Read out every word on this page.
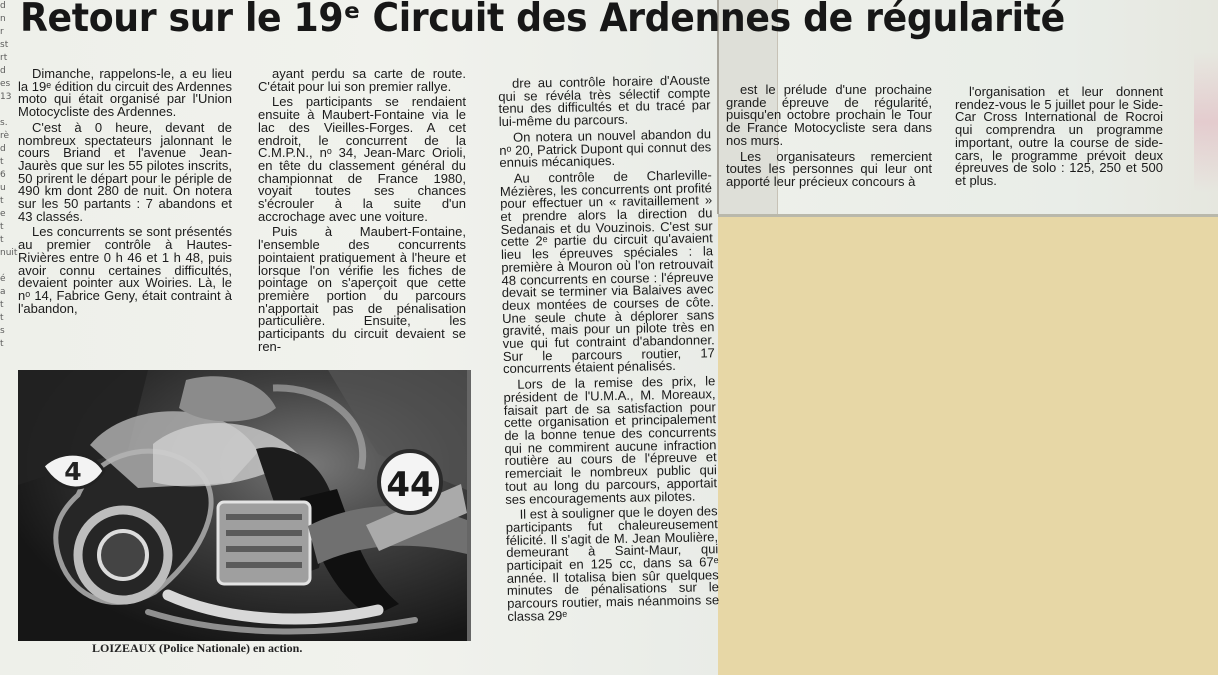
d
n
r
st
rt
d
es
13

s.
rè
d
t
6
u
t
e
t
t
nuit

é
a
t
t
s
t
Retour sur le 19ᵉ Circuit des Ardennes de régularité

Dimanche, rappelons-le, a eu lieu la 19ᵉ édition du circuit des Ardennes moto qui était organisé par l'Union Motocycliste des Ardennes.

C'est à 0 heure, devant de nombreux spectateurs jalonnant le cours Briand et l'avenue Jean-Jaurès que sur les 55 pilotes inscrits, 50 prirent le départ pour le périple de 490 km dont 280 de nuit. On notera sur les 50 partants : 7 abandons et 43 classés.

Les concurrents se sont présentés au premier contrôle à Hautes-Rivières entre 0 h 46 et 1 h 48, puis avoir connu certaines difficultés, devaient pointer aux Woiries. Là, le nᵒ 14, Fabrice Geny, était contraint à l'abandon,

ayant perdu sa carte de route. C'était pour lui son premier rallye.

Les participants se rendaient ensuite à Maubert-Fontaine via le lac des Vieilles-Forges. A cet endroit, le concurrent de la C.M.P.N., nᵒ 34, Jean-Marc Orioli, en tête du classement général du championnat de France 1980, voyait toutes ses chances s'écrouler à la suite d'un accrochage avec une voiture.

Puis à Maubert-Fontaine, l'ensemble des concurrents pointaient pratiquement à l'heure et lorsque l'on vérifie les fiches de pointage on s'aperçoit que cette première portion du parcours n'apportait pas de pénalisation particulière. Ensuite, les participants du circuit devaient se ren-

44
4
LOIZEAUX (Police Nationale) en action.

dre au contrôle horaire d'Aouste qui se révéla très sélectif compte tenu des difficultés et du tracé par lui-même du parcours.

On notera un nouvel abandon du nᵒ 20, Patrick Dupont qui connut des ennuis mécaniques.

Au contrôle de Charleville-Mézières, les concurrents ont profité pour effectuer un « ravitaillement » et prendre alors la direction du Sedanais et du Vouzinois. C'est sur cette 2ᵉ partie du circuit qu'avaient lieu les épreuves spéciales : la première à Mouron où l'on retrouvait 48 concurrents en course : l'épreuve devait se terminer via Balaives avec deux montées de courses de côte. Une seule chute à déplorer sans gravité, mais pour un pilote très en vue qui fut contraint d'abandonner. Sur le parcours routier, 17 concurrents étaient pénalisés.

Lors de la remise des prix, le président de l'U.M.A., M. Moreaux, faisait part de sa satisfaction pour cette organisation et principalement de la bonne tenue des concurrents qui ne commirent aucune infraction routière au cours de l'épreuve et remerciait le nombreux public qui tout au long du parcours, apportait ses encouragements aux pilotes.

Il est à souligner que le doyen des participants fut chaleureusement félicité. Il s'agit de M. Jean Moulière, demeurant à Saint-Maur, qui participait en 125 cc, dans sa 67ᵉ année. Il totalisa bien sûr quelques minutes de pénalisations sur le parcours routier, mais néanmoins se classa 29ᵉ

est le prélude d'une prochaine grande épreuve de régularité, puisqu'en octobre prochain le Tour de France Motocycliste sera dans nos murs.

Les organisateurs remercient toutes les personnes qui leur ont apporté leur précieux concours à

l'organisation et leur donnent rendez-vous le 5 juillet pour le Side-Car Cross International de Rocroi qui comprendra un programme important, outre la course de side-cars, le programme prévoit deux épreuves de solo : 125, 250 et 500 et plus.
